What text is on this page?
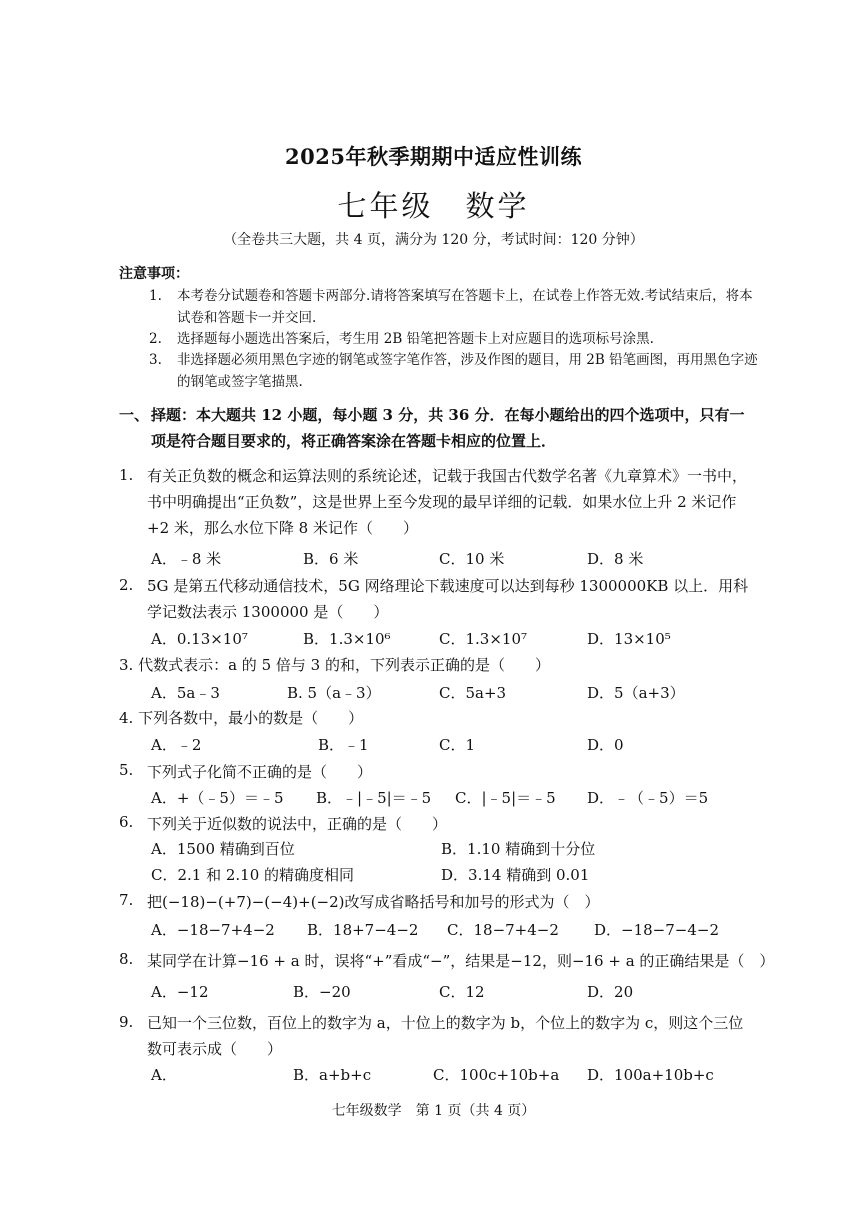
2025年秋季期期中适应性训练
七年级 数学
（全卷共三大题，共 4 页，满分为 120 分，考试时间：120 分钟）
注意事项：
1. 本考卷分试题卷和答题卡两部分.请将答案填写在答题卡上，在试卷上作答无效.考试结束后，将本试卷和答题卡一并交回.
2. 选择题每小题选出答案后，考生用 2B 铅笔把答题卡上对应题目的选项标号涂黑.
3. 非选择题必须用黑色字迹的钢笔或签字笔作答，涉及作图的题目，用 2B 铅笔画图，再用黑色字迹的钢笔或签字笔描黑.
一、 择题：本大题共 12 小题，每小题 3 分，共 36 分．在每小题给出的四个选项中，只有一项是符合题目要求的，将正确答案涂在答题卡相应的位置上．
1. 有关正负数的概念和运算法则的系统论述，记载于我国古代数学名著《九章算术》一书中，书中明确提出“正负数”，这是世界上至今发现的最早详细的记载．如果水位上升 2 米记作 +2 米，那么水位下降 8 米记作（　　）
A．﹣8 米	B．6 米	C．10 米	D．8 米
2. 5G 是第五代移动通信技术，5G 网络理论下载速度可以达到每秒 1300000KB 以上．用科学记数法表示 1300000 是（　　）
A．0.13×10⁷	B．1.3×10⁶	C．1.3×10⁷	D．13×10⁵
3. 代数式表示：a 的 5 倍与 3 的和，下列表示正确的是（　　）
A．5a﹣3	B. 5（a﹣3）	C．5a+3	D．5（a+3）
4. 下列各数中，最小的数是（　　）
A．﹣2	B．﹣1	C．1	D．0
5. 下列式子化简不正确的是（　　）
A．+（﹣5）＝﹣5 B．﹣|﹣5|＝﹣5 C．|﹣5|＝﹣5 D．﹣（﹣5）＝5
6. 下列关于近似数的说法中，正确的是（　　）
A．1500 精确到百位	B．1.10 精确到十分位
C．2.1 和 2.10 的精确度相同	D．3.14 精确到 0.01
7. 把(−18)−(+7)−(−4)+(−2)改写成省略括号和加号的形式为（　）
A．−18−7+4−2 B．18+7−4−2 C．18−7+4−2 D．−18−7−4−2
8. 某同学在计算−16 + a 时，误将“+”看成“−”，结果是−12，则−16 + a 的正确结果是（　）
A．−12	B．−20	C．12	D．20
9. 已知一个三位数，百位上的数字为 a，十位上的数字为 b，个位上的数字为 c，则这个三位数可表示成（　　）
A．	B．a+b+c	C．100c+10b+a D．100a+10b+c
七年级数学　第 1 页（共 4 页）
